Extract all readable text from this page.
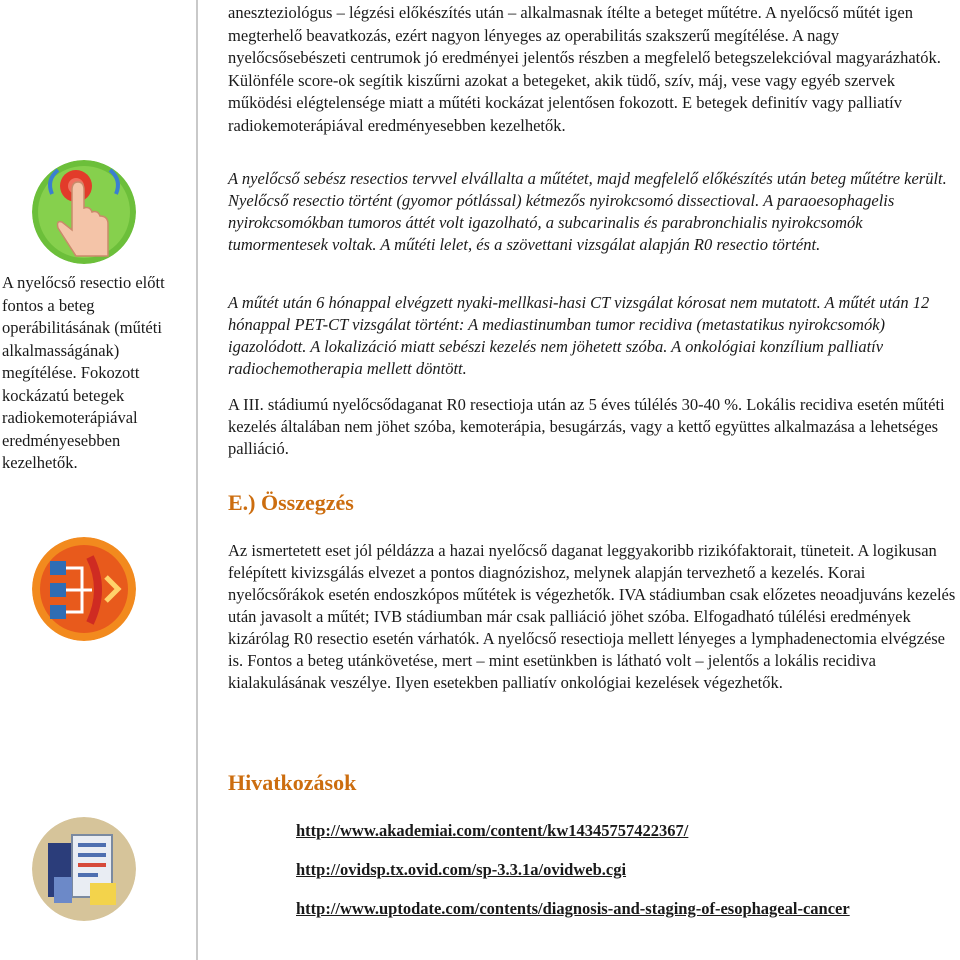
A nyelőcső resectio előtt fontos a beteg operábilitásának (műtéti alkalmasságának) megítélése. Fokozott kockázatú betegek radiokemoterápiával eredményesebben kezelhetők.

aneszteziológus – légzési előkészítés után – alkalmasnak ítélte a beteget műtétre. A nyelőcső műtét igen megterhelő beavatkozás, ezért nagyon lényeges az operabilitás szakszerű megítélése. A nagy nyelőcsősebészeti centrumok jó eredményei jelentős részben a megfelelő betegszelekcióval magyarázhatók. Különféle score-ok segítik kiszűrni azokat a betegeket, akik tüdő, szív, máj, vese vagy egyéb szervek működési elégtelensége miatt a műtéti kockázat jelentősen fokozott. E betegek definitív vagy palliatív radiokemoterápiával eredményesebben kezelhetők.

A nyelőcső sebész resectios tervvel elvállalta a műtétet, majd megfelelő előkészítés után beteg műtétre került. Nyelőcső resectio történt (gyomor pótlással) kétmezős nyirokcsomó dissectioval. A paraoesophagelis nyirokcsomókban tumoros áttét volt igazolható, a subcarinalis és parabronchialis nyirokcsomók tumormentesek voltak. A műtéti lelet, és a szövettani vizsgálat alapján R0 resectio történt.

A műtét után 6 hónappal elvégzett nyaki-mellkasi-hasi CT vizsgálat kórosat nem mutatott. A műtét után 12 hónappal PET-CT vizsgálat történt: A mediastinumban tumor recidiva (metastatikus nyirokcsomók) igazolódott. A lokalizáció miatt sebészi kezelés nem jöhetett szóba. A onkológiai konzílium palliatív radiochemotherapia mellett döntött.

A III. stádiumú nyelőcsődaganat R0 resectioja után az 5 éves túlélés 30-40 %. Lokális recidiva esetén műtéti kezelés általában nem jöhet szóba, kemoterápia, besugárzás, vagy a kettő együttes alkalmazása a lehetséges palliáció.

E.) Összegzés

Az ismertetett eset jól példázza a hazai nyelőcső daganat leggyakoribb rizikófaktorait, tüneteit. A logikusan felépített kivizsgálás elvezet a pontos diagnózishoz, melynek alapján tervezhető a kezelés. Korai nyelőcsőrákok esetén endoszkópos műtétek is végezhetők. IVA stádiumban csak előzetes neoadjuváns kezelés után javasolt a műtét; IVB stádiumban már csak palliáció jöhet szóba. Elfogadható túlélési eredmények kizárólag R0 resectio esetén várhatók. A nyelőcső resectioja mellett lényeges a lymphadenectomia elvégzése is. Fontos a beteg utánkövetése, mert – mint esetünkben is látható volt – jelentős a lokális recidiva kialakulásának veszélye. Ilyen esetekben palliatív onkológiai kezelések végezhetők.

Hivatkozások
http://www.akademiai.com/content/kw14345757422367/
http://ovidsp.tx.ovid.com/sp-3.3.1a/ovidweb.cgi
http://www.uptodate.com/contents/diagnosis-and-staging-of-esophageal-cancer
